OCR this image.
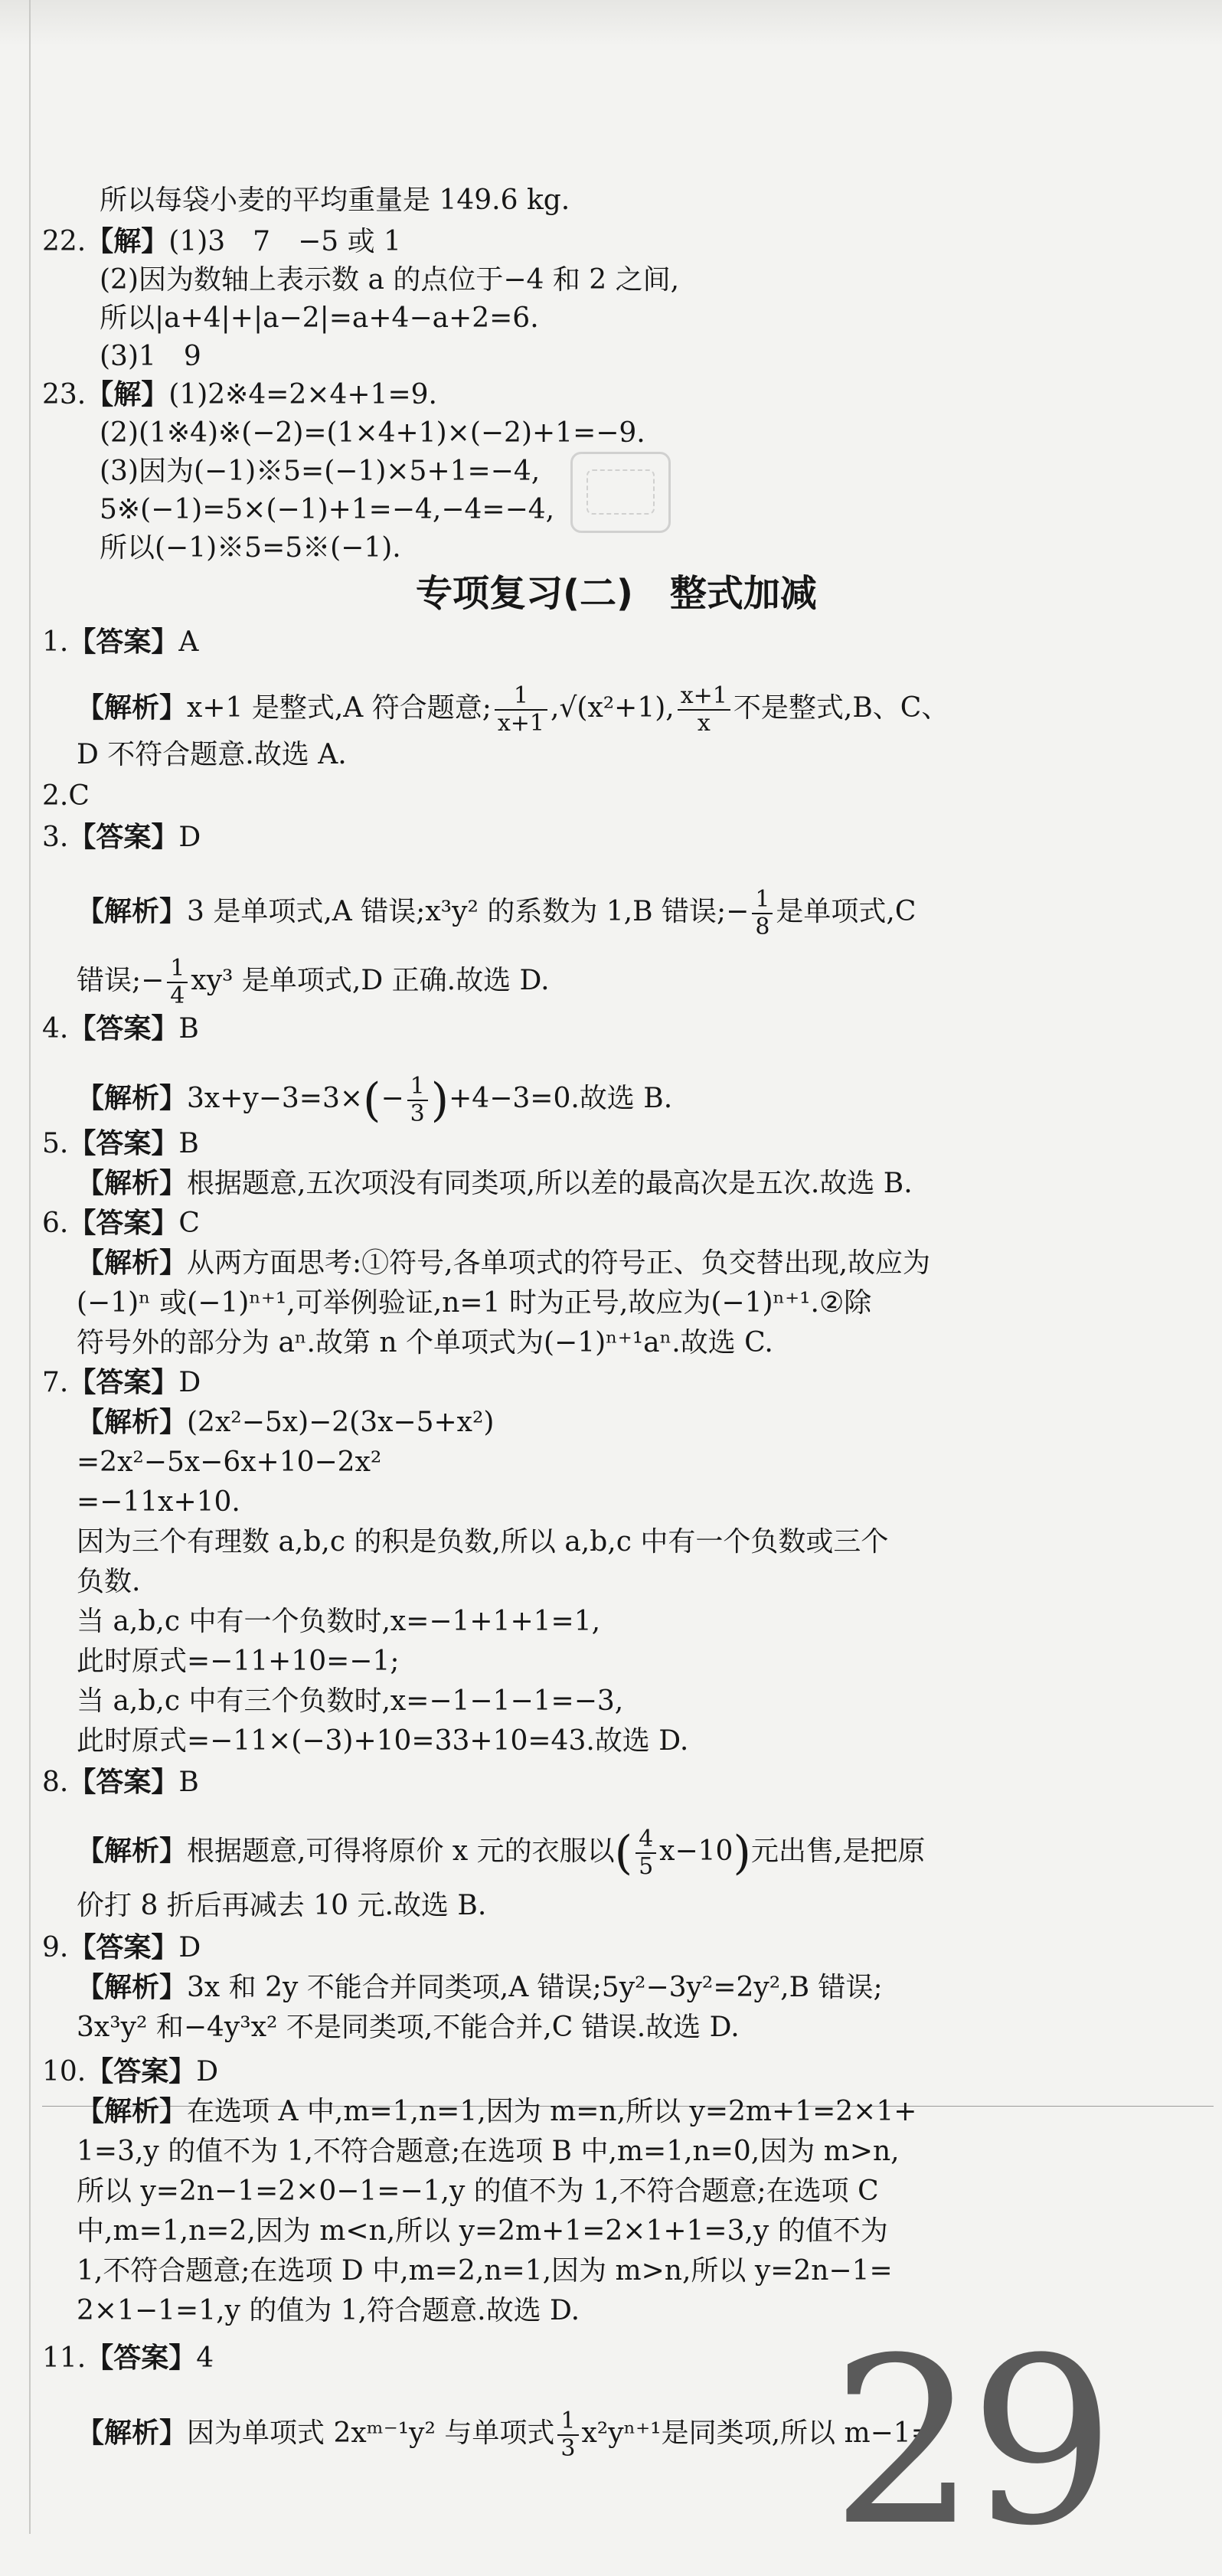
所以每袋小麦的平均重量是 149.6 kg.
22.【解】(1)3　7　−5 或 1
(2)因为数轴上表示数 a 的点位于−4 和 2 之间,
所以|a+4|+|a−2|=a+4−a+2=6.
(3)1　9
23.【解】(1)2※4=2×4+1=9.
(2)(1※4)※(−2)=(1×4+1)×(−2)+1=−9.
(3)因为(−1)※5=(−1)×5+1=−4,
5※(−1)=5×(−1)+1=−4,−4=−4,
所以(−1)※5=5※(−1).
专项复习(二)　整式加减
1.【答案】A
【解析】x+1 是整式,A 符合题意; $\frac{1}{x+1} ,√(x^2+1)$, $\frac{x+1}{x}$ 不是整式,B、C、
D 不符合题意.故选 A.
2.C
3.【答案】D
【解析】3 是单项式,A 错误;x³y² 的系数为 1,B 错误;− $\frac{1}{8}$ 是单项式,C
错误;− $\frac{1}{4} xy^3$ 是单项式,D 正确.故选 D.
4.【答案】B
【解析】$3x+y-3=3\times(- \frac{1}{3} )+4-3=0$.故选 B.
5.【答案】B
【解析】根据题意,五次项没有同类项,所以差的最高次是五次.故选 B.
6.【答案】C
【解析】从两方面思考:①符号,各单项式的符号正、负交替出现,故应为
(−1)ⁿ 或(−1)ⁿ⁺¹,可举例验证,n=1 时为正号,故应为(−1)ⁿ⁺¹.②除
符号外的部分为 aⁿ.故第 n 个单项式为(−1)ⁿ⁺¹aⁿ.故选 C.
7.【答案】D
【解析】(2x²−5x)−2(3x−5+x²)
=2x²−5x−6x+10−2x²
=−11x+10.
因为三个有理数 a,b,c 的积是负数,所以 a,b,c 中有一个负数或三个
负数.
当 a,b,c 中有一个负数时,x=−1+1+1=1,
此时原式=−11+10=−1;
当 a,b,c 中有三个负数时,x=−1−1−1=−3,
此时原式=−11×(−3)+10=33+10=43.故选 D.
8.【答案】B
【解析】根据题意,可得将原价 x 元的衣服以( $\frac{4}{5} x-10$)元出售,是把原
价打 8 折后再减去 10 元.故选 B.
9.【答案】D
【解析】3x 和 2y 不能合并同类项,A 错误;5y²−3y²=2y²,B 错误;
3x³y² 和−4y³x² 不是同类项,不能合并,C 错误.故选 D.
10.【答案】D
【解析】在选项 A 中,m=1,n=1,因为 m=n,所以 y=2m+1=2×1+
1=3,y 的值不为 1,不符合题意;在选项 B 中,m=1,n=0,因为 m>n,
所以 y=2n−1=2×0−1=−1,y 的值不为 1,不符合题意;在选项 C
中,m=1,n=2,因为 m<n,所以 y=2m+1=2×1+1=3,y 的值不为
1,不符合题意;在选项 D 中,m=2,n=1,因为 m>n,所以 y=2n−1=
2×1−1=1,y 的值为 1,符合题意.故选 D.
11.【答案】4
【解析】因为单项式 2xᵐ⁻¹y² 与单项式 $\frac{1}{3} x^2y^{n+1}$是同类项,所以 m−1=
29
